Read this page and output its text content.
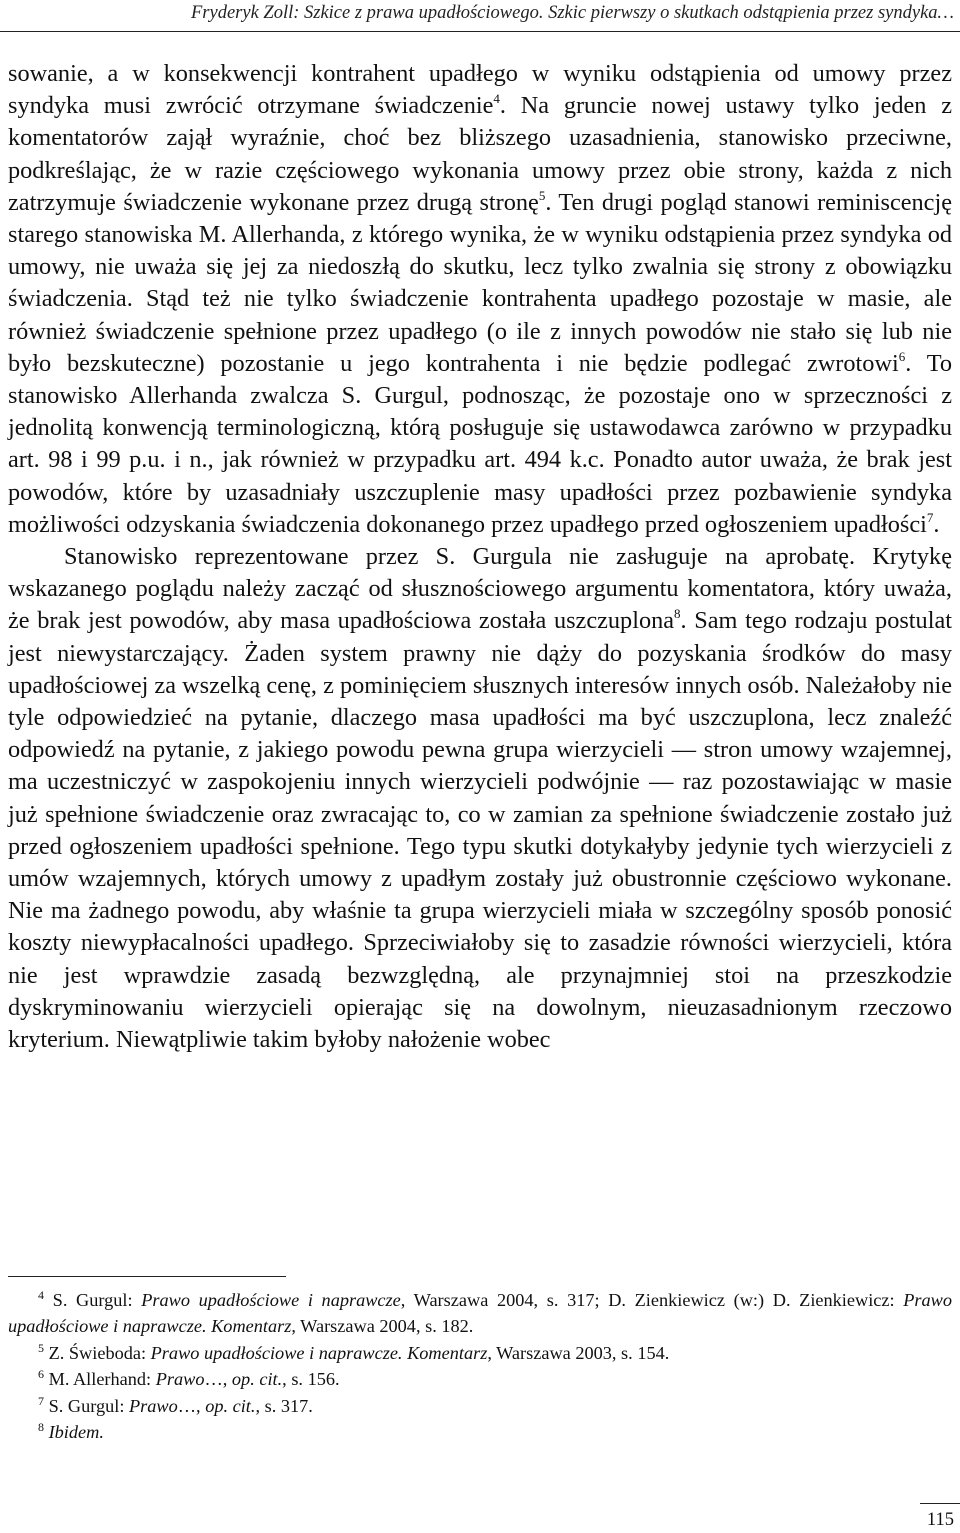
Fryderyk Zoll: Szkice z prawa upadłościowego. Szkic pierwszy o skutkach odstąpienia przez syndyka…

sowanie, a w konsekwencji kontrahent upadłego w wyniku odstąpienia od umowy przez syndyka musi zwrócić otrzymane świadczenie$^4$. Na gruncie nowej ustawy tylko jeden z komentatorów zajął wyraźnie, choć bez bliższego uzasadnienia, stanowisko przeciwne, podkreślając, że w razie częściowego wykonania umowy przez obie strony, każda z nich zatrzymuje świadczenie wykonane przez drugą stronę$^5$. Ten drugi pogląd stanowi reminiscencję starego stanowiska M. Allerhanda, z którego wynika, że w wyniku odstąpienia przez syndyka od umowy, nie uważa się jej za niedoszłą do skutku, lecz tylko zwalnia się strony z obowiązku świadczenia. Stąd też nie tylko świadczenie kontrahenta upadłego pozostaje w masie, ale również świadczenie spełnione przez upadłego (o ile z innych powodów nie stało się lub nie było bezskuteczne) pozostanie u jego kontrahenta i nie będzie podlegać zwrotowi$^6$. To stanowisko Allerhanda zwalcza S. Gurgul, podnosząc, że pozostaje ono w sprzeczności z jednolitą konwencją terminologiczną, którą posługuje się ustawodawca zarówno w przypadku art. 98 i 99 p.u. i n., jak również w przypadku art. 494 k.c. Ponadto autor uważa, że brak jest powodów, które by uzasadniały uszczuplenie masy upadłości przez pozbawienie syndyka możliwości odzyskania świadczenia dokonanego przez upadłego przed ogłoszeniem upadłości$^7$.

Stanowisko reprezentowane przez S. Gurgula nie zasługuje na aprobatę. Krytykę wskazanego poglądu należy zacząć od słusznościowego argumentu komentatora, który uważa, że brak jest powodów, aby masa upadłościowa została uszczuplona$^8$. Sam tego rodzaju postulat jest niewystarczający. Żaden system prawny nie dąży do pozyskania środków do masy upadłościowej za wszelką cenę, z pominięciem słusznych interesów innych osób. Należałoby nie tyle odpowiedzieć na pytanie, dlaczego masa upadłości ma być uszczuplona, lecz znaleźć odpowiedź na pytanie, z jakiego powodu pewna grupa wierzycieli — stron umowy wzajemnej, ma uczestniczyć w zaspokojeniu innych wierzycieli podwójnie — raz pozostawiając w masie już spełnione świadczenie oraz zwracając to, co w zamian za spełnione świadczenie zostało już przed ogłoszeniem upadłości spełnione. Tego typu skutki dotykałyby jedynie tych wierzycieli z umów wzajemnych, których umowy z upadłym zostały już obustronnie częściowo wykonane. Nie ma żadnego powodu, aby właśnie ta grupa wierzycieli miała w szczególny sposób ponosić koszty niewypłacalności upadłego. Sprzeciwiałoby się to zasadzie równości wierzycieli, która nie jest wprawdzie zasadą bezwzględną, ale przynajmniej stoi na przeszkodzie dyskryminowaniu wierzycieli opierając się na dowolnym, nieuzasadnionym rzeczowo kryterium. Niewątpliwie takim byłoby nałożenie wobec

$^4$ S. Gurgul: Prawo upadłościowe i naprawcze, Warszawa 2004, s. 317; D. Zienkiewicz (w:) D. Zienkiewicz: Prawo upadłościowe i naprawcze. Komentarz, Warszawa 2004, s. 182.

$^5$ Z. Świeboda: Prawo upadłościowe i naprawcze. Komentarz, Warszawa 2003, s. 154.

$^6$ M. Allerhand: Prawo…, op. cit., s. 156.

$^7$ S. Gurgul: Prawo…, op. cit., s. 317.

$^8$ Ibidem.

115
